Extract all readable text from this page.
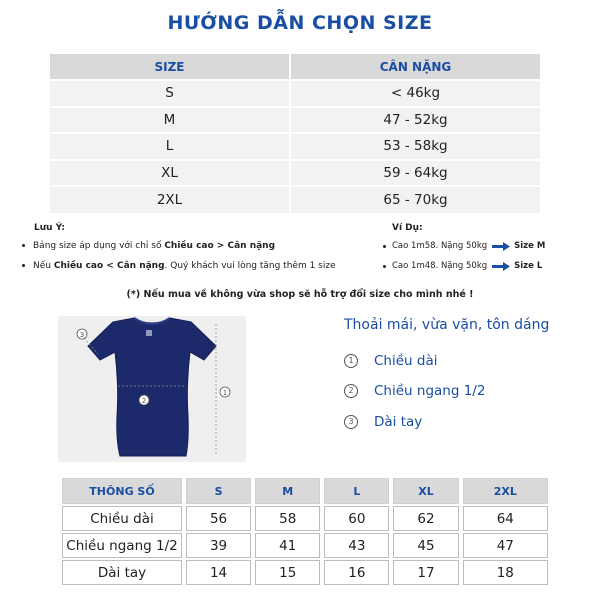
HƯỚNG DẪN CHỌN SIZE
SIZE	CÂN NẶNG
S	< 46kg
M	47 - 52kg
L	53 - 58kg
XL	59 - 64kg
2XL	65 - 70kg
Lưu Ý:
Bảng size áp dụng với chỉ số Chiều cao > Cân nặng
Nếu Chiều cao < Cân nặng. Quý khách vui lòng tăng thêm 1 size
Ví Dụ:
Cao 1m58. Nặng 50kg	Size M
Cao 1m48. Nặng 50kg	Size L
(*) Nếu mua về không vừa shop sẽ hỗ trợ đổi size cho mình nhé !
3
2
1
Thoải mái, vừa vặn, tôn dáng
1	Chiều dài
2	Chiều ngang 1/2
3	Dài tay
THÔNG SỐ	S	M	L	XL	2XL
Chiều dài	56	58	60	62	64
Chiều ngang 1/2	39	41	43	45	47
Dài tay	14	15	16	17	18
